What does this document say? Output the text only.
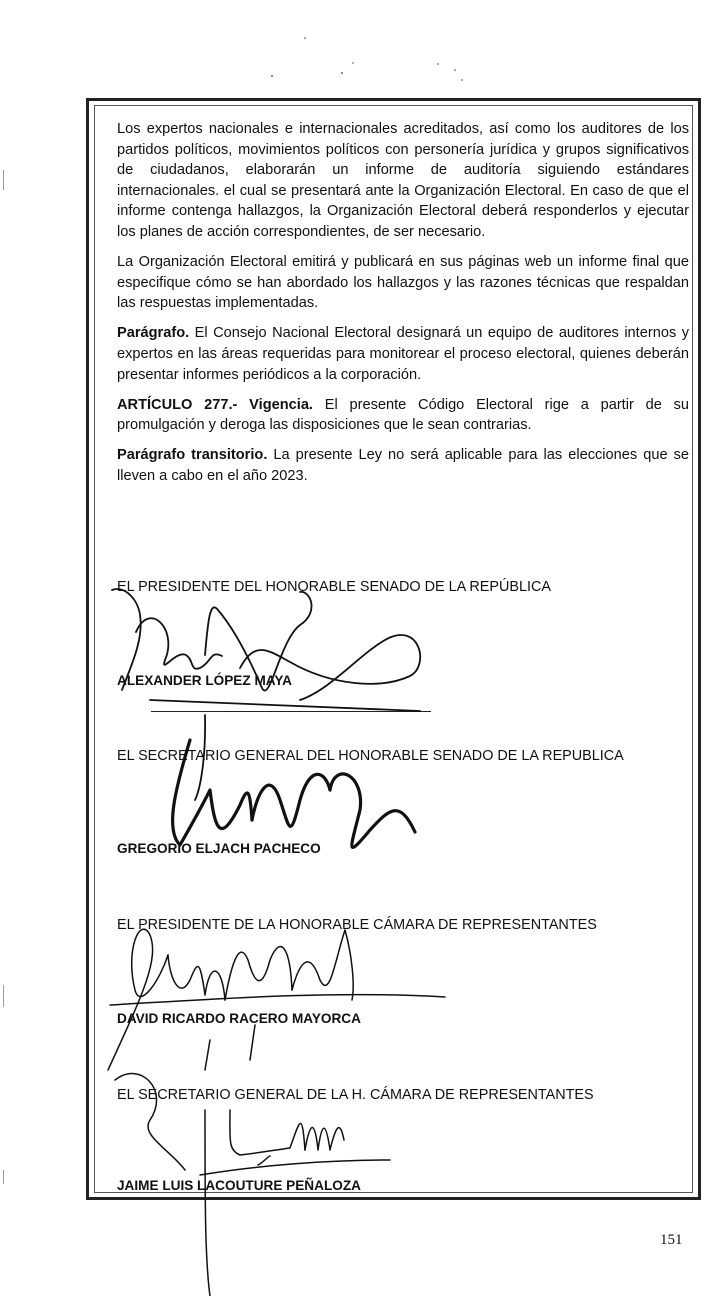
Los expertos nacionales e internacionales acreditados, así como los auditores de los partidos políticos, movimientos políticos con personería jurídica y grupos significativos de ciudadanos, elaborarán un informe de auditoría siguiendo estándares internacionales. el cual se presentará ante la Organización Electoral. En caso de que el informe contenga hallazgos, la Organización Electoral deberá responderlos y ejecutar los planes de acción correspondientes, de ser necesario.

La Organización Electoral emitirá y publicará en sus páginas web un informe final que especifique cómo se han abordado los hallazgos y las razones técnicas que respaldan las respuestas implementadas.

Parágrafo. El Consejo Nacional Electoral designará un equipo de auditores internos y expertos en las áreas requeridas para monitorear el proceso electoral, quienes deberán presentar informes periódicos a la corporación.

ARTÍCULO 277.- Vigencia. El presente Código Electoral rige a partir de su promulgación y deroga las disposiciones que le sean contrarias.

Parágrafo transitorio. La presente Ley no será aplicable para las elecciones que se lleven a cabo en el año 2023.

EL PRESIDENTE DEL HONORABLE SENADO DE LA REPÚBLICA
ALEXANDER LÓPEZ MAYA
EL SECRETARIO GENERAL DEL HONORABLE SENADO DE LA REPUBLICA
GREGORIO ELJACH PACHECO
EL PRESIDENTE DE LA HONORABLE CÁMARA DE REPRESENTANTES
DAVID RICARDO RACERO MAYORCA
EL SECRETARIO GENERAL DE LA H. CÁMARA DE REPRESENTANTES
JAIME LUIS LACOUTURE PEÑALOZA
151
